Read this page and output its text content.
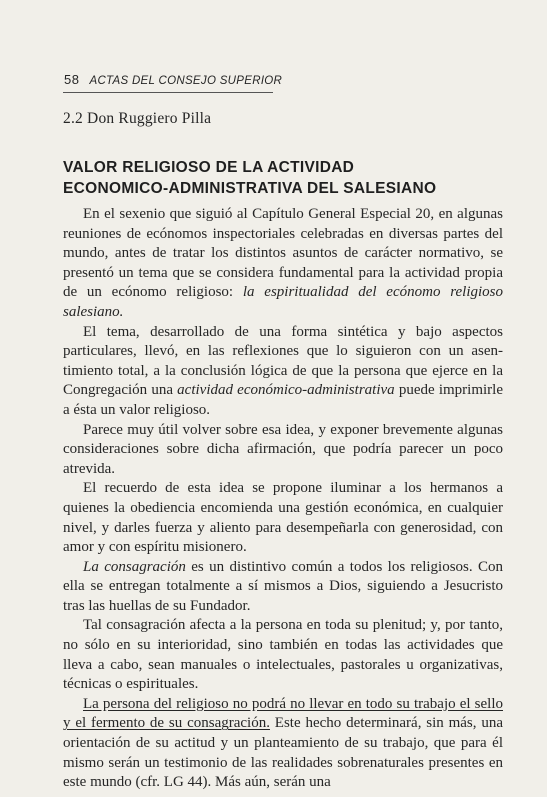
58 ACTAS DEL CONSEJO SUPERIOR
2.2 Don Ruggiero Pilla
VALOR RELIGIOSO DE LA ACTIVIDAD
ECONOMICO-ADMINISTRATIVA DEL SALESIANO

En el sexenio que siguió al Capítulo General Especial 20, en algunas reuniones de ecónomos inspectoriales celebradas en diversas partes del mundo, antes de tratar los distintos asuntos de carácter normativo, se presentó un tema que se considera fundamental para la actividad propia de un ecónomo religioso: la espiritualidad del ecónomo religioso salesiano.

El tema, desarrollado de una forma sintética y bajo aspectos particulares, llevó, en las reflexiones que lo siguieron con un asentimiento total, a la conclusión lógica de que la persona que ejerce en la Congregación una actividad económico-administrativa puede imprimirle a ésta un valor religioso.

Parece muy útil volver sobre esa idea, y exponer brevemente algunas consideraciones sobre dicha afirmación, que podría parecer un poco atrevida.

El recuerdo de esta idea se propone iluminar a los hermanos a quienes la obediencia encomienda una gestión económica, en cualquier nivel, y darles fuerza y aliento para desempeñarla con generosidad, con amor y con espíritu misionero.

La consagración es un distintivo común a todos los religiosos. Con ella se entregan totalmente a sí mismos a Dios, siguiendo a Jesucristo tras las huellas de su Fundador.

Tal consagración afecta a la persona en toda su plenitud; y, por tanto, no sólo en su interioridad, sino también en todas las actividades que lleva a cabo, sean manuales o intelectuales, pastorales u organizativas, técnicas o espirituales.

La persona del religioso no podrá no llevar en todo su trabajo el sello y el fermento de su consagración. Este hecho determinará, sin más, una orientación de su actitud y un planteamiento de su trabajo, que para él mismo serán un testimonio de las realidades sobrenaturales presentes en este mundo (cfr. LG 44). Más aún, serán una
